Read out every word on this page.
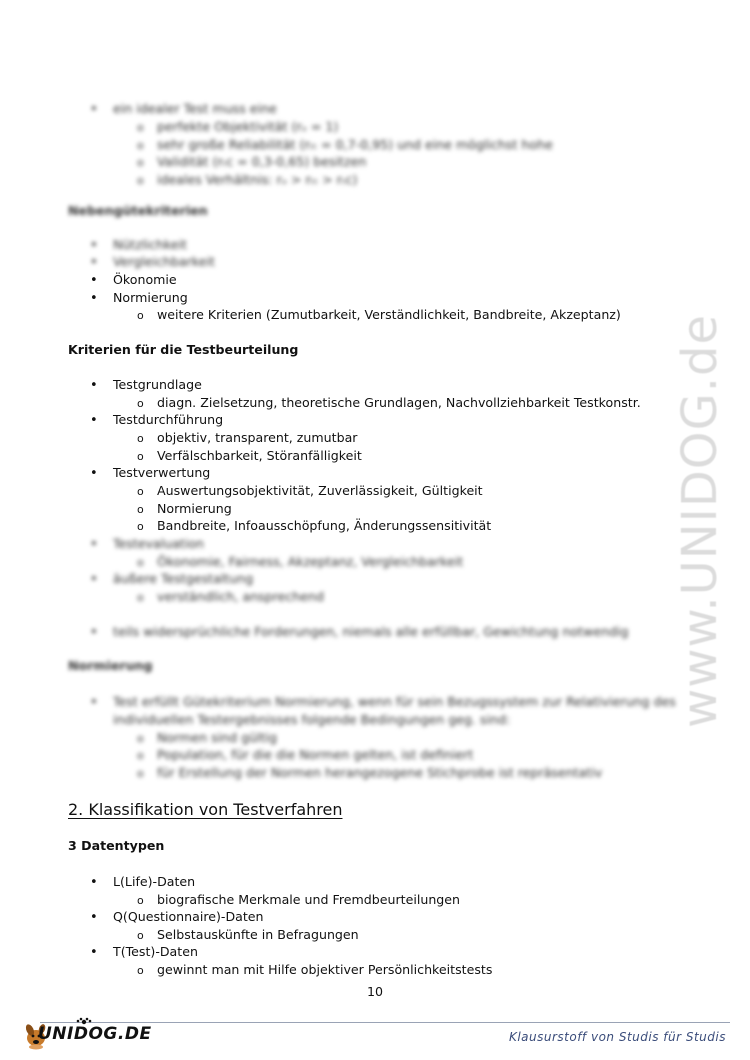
www.UNIDOG.de
•
ein idealer Test muss eine
o
perfekte Objektivität (rₒ = 1)
o
sehr große Reliabilität (rₜₜ = 0,7-0,95) und eine möglichst hohe
o
Validität (rₜc = 0,3-0,65) besitzen
o
ideales Verhältnis: rₒ > rₜₜ > rₜc)
Nebengütekriterien
•
Nützlichkeit
•
Vergleichbarkeit
•
Ökonomie
•
Normierung
o
weitere Kriterien (Zumutbarkeit, Verständlichkeit, Bandbreite, Akzeptanz)
Kriterien für die Testbeurteilung
•
Testgrundlage
o
diagn. Zielsetzung, theoretische Grundlagen, Nachvollziehbarkeit Testkonstr.
•
Testdurchführung
o
objektiv, transparent, zumutbar
o
Verfälschbarkeit, Störanfälligkeit
•
Testverwertung
o
Auswertungsobjektivität, Zuverlässigkeit, Gültigkeit
o
Normierung
o
Bandbreite, Infoausschöpfung, Änderungssensitivität
•
Testevaluation
o
Ökonomie, Fairness, Akzeptanz, Vergleichbarkeit
•
äußere Testgestaltung
o
verständlich, ansprechend
•
teils widersprüchliche Forderungen, niemals alle erfüllbar, Gewichtung notwendig
Normierung
•
Test erfüllt Gütekriterium Normierung, wenn für sein Bezugssystem zur Relativierung des
individuellen Testergebnisses folgende Bedingungen geg. sind:
o
Normen sind gültig
o
Population, für die die Normen gelten, ist definiert
o
für Erstellung der Normen herangezogene Stichprobe ist repräsentativ
2. Klassifikation von Testverfahren
3 Datentypen
•
L(Life)-Daten
o
biografische Merkmale und Fremdbeurteilungen
•
Q(Questionnaire)-Daten
o
Selbstauskünfte in Befragungen
•
T(Test)-Daten
o
gewinnt man mit Hilfe objektiver Persönlichkeitstests
10
UNIDOG.DE	Klausurstoff von Studis für Studis
